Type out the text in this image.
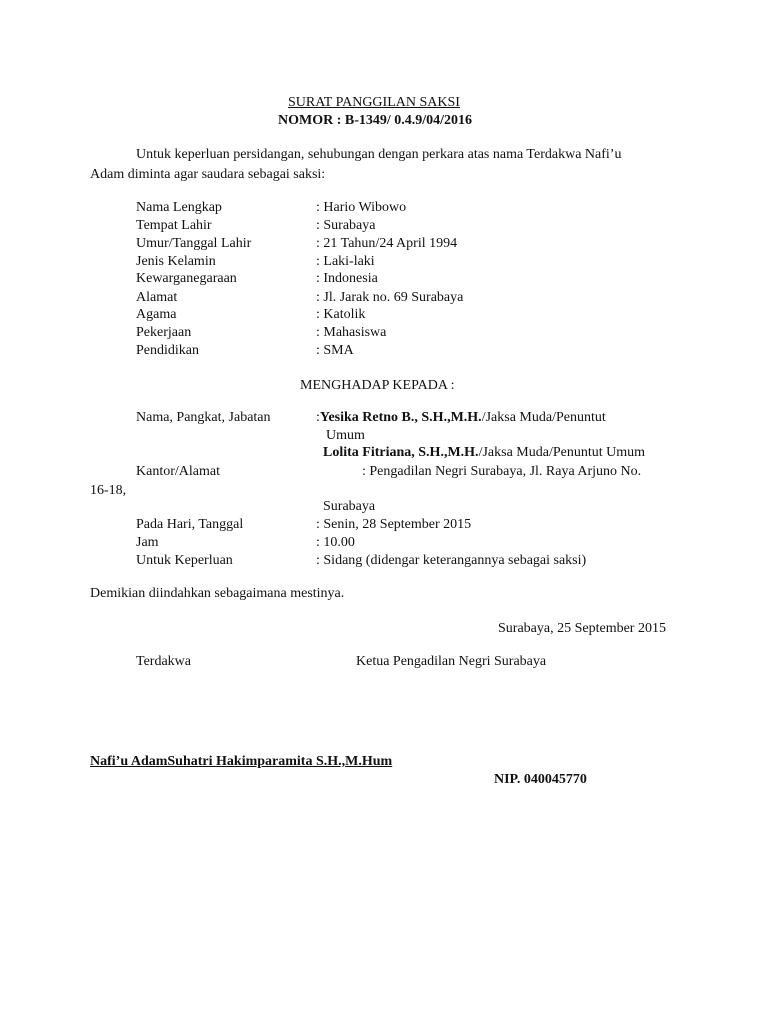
SURAT PANGGILAN SAKSI
NOMOR : B-1349/ 0.4.9/04/2016
Untuk keperluan persidangan, sehubungan dengan perkara atas nama Terdakwa Nafi’u
Adam diminta agar saudara sebagai saksi:
Nama Lengkap	: Hario Wibowo
Tempat Lahir	: Surabaya
Umur/Tanggal Lahir	: 21 Tahun/24 April 1994
Jenis Kelamin	: Laki-laki
Kewarganegaraan	: Indonesia
Alamat	: Jl. Jarak no. 69 Surabaya
Agama	: Katolik
Pekerjaan	: Mahasiswa
Pendidikan	: SMA
MENGHADAP KEPADA :
Nama, Pangkat, Jabatan	:Yesika Retno B., S.H.,M.H./Jaksa Muda/Penuntut
Umum
Lolita Fitriana, S.H.,M.H./Jaksa Muda/Penuntut Umum
Kantor/Alamat	: Pengadilan Negri Surabaya, Jl. Raya Arjuno No.
16-18,
Surabaya
Pada Hari, Tanggal	: Senin, 28 September 2015
Jam	: 10.00
Untuk Keperluan	: Sidang (didengar keterangannya sebagai saksi)
Demikian diindahkan sebagaimana mestinya.
Surabaya, 25 September 2015
Terdakwa	Ketua Pengadilan Negri Surabaya
Nafi’u AdamSuhatri Hakimparamita S.H.,M.Hum
NIP. 040045770
